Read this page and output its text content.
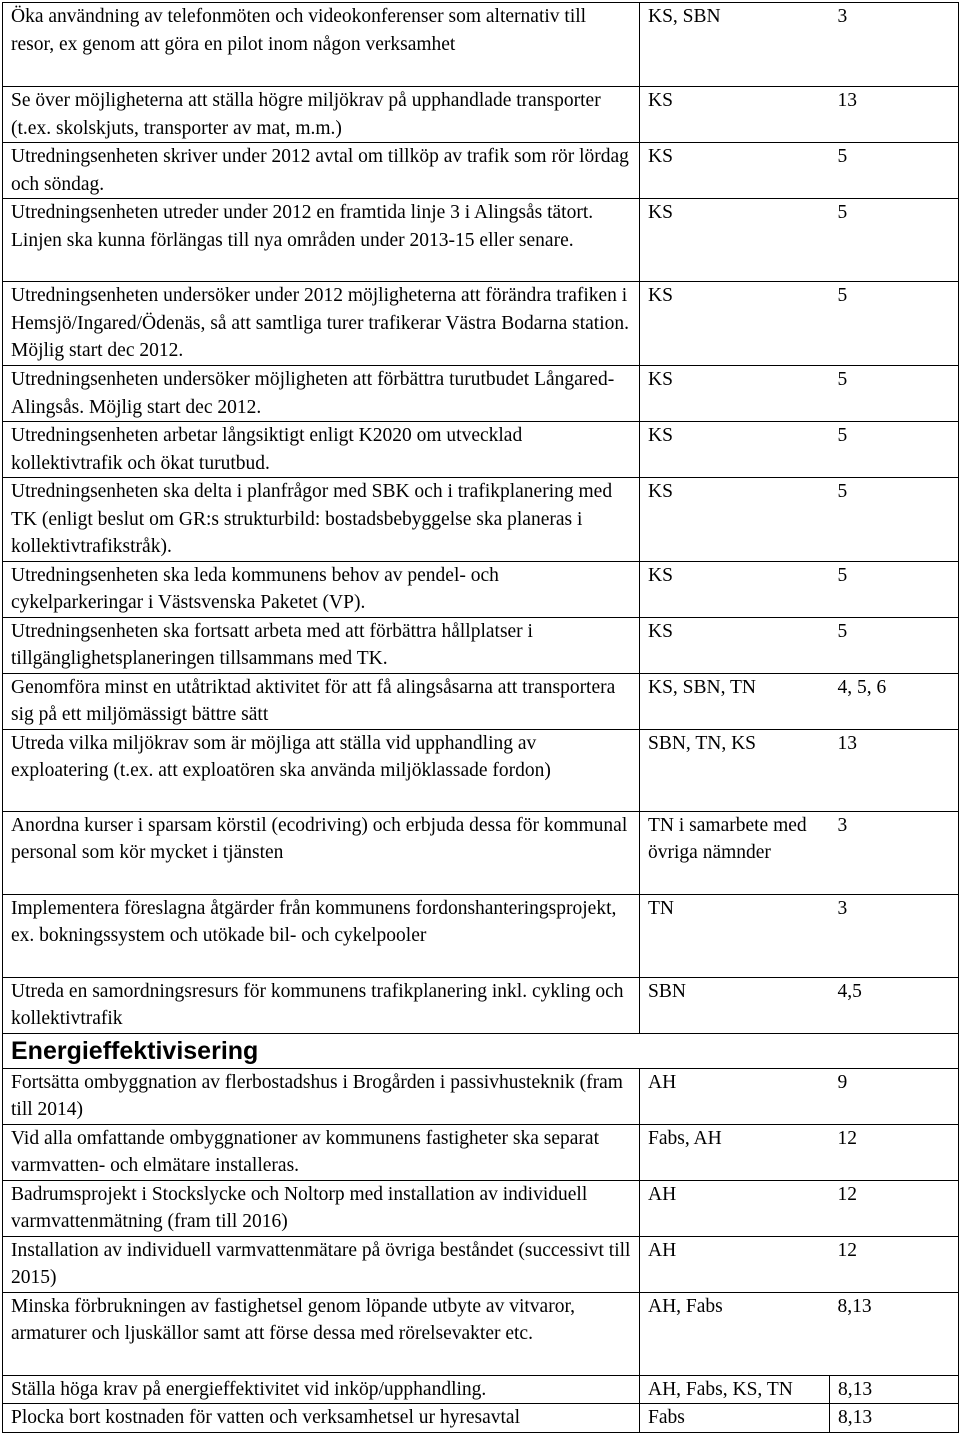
Öka användning av telefonmöten och videokonferenser som alternativ till resor, ex genom att göra en pilot inom någon verksamhet	KS, SBN	3
Se över möjligheterna att ställa högre miljökrav på upphandlade transporter (t.ex. skolskjuts, transporter av mat, m.m.)	KS	13
Utredningsenheten skriver under 2012 avtal om tillköp av trafik som rör lördag och söndag.	KS	5
Utredningsenheten utreder under 2012 en framtida linje 3 i Alingsås tätort. Linjen ska kunna förlängas till nya områden under 2013-15 eller senare.	KS	5
Utredningsenheten undersöker under 2012 möjligheterna att förändra trafiken i Hemsjö/Ingared/Ödenäs, så att samtliga turer trafikerar Västra Bodarna station. Möjlig start dec 2012.	KS	5
Utredningsenheten undersöker möjligheten att förbättra turutbudet Långared-Alingsås. Möjlig start dec 2012.	KS	5
Utredningsenheten arbetar långsiktigt enligt K2020 om utvecklad kollektivtrafik och ökat turutbud.	KS	5
Utredningsenheten ska delta i planfrågor med SBK och i trafikplanering med TK (enligt beslut om GR:s strukturbild: bostadsbebyggelse ska planeras i kollektivtrafikstråk).	KS	5
Utredningsenheten ska leda kommunens behov av pendel- och cykelparkeringar i Västsvenska Paketet (VP).	KS	5
Utredningsenheten ska fortsatt arbeta med att förbättra hållplatser i tillgänglighetsplaneringen tillsammans med TK.	KS	5
Genomföra minst en utåtriktad aktivitet för att få alingsåsarna att transportera sig på ett miljömässigt bättre sätt	KS, SBN, TN	4, 5, 6
Utreda vilka miljökrav som är möjliga att ställa vid upphandling av exploatering (t.ex. att exploatören ska använda miljöklassade fordon)	SBN, TN, KS	13
Anordna kurser i sparsam körstil (ecodriving) och erbjuda dessa för kommunal personal som kör mycket i tjänsten	TN i samarbete med övriga nämnder	3
Implementera föreslagna åtgärder från kommunens fordonshanteringsprojekt, ex. bokningssystem och utökade bil- och cykelpooler	TN	3
Utreda en samordningsresurs för kommunens trafikplanering inkl. cykling och kollektivtrafik	SBN	4,5
Energieffektivisering		
Fortsätta ombyggnation av flerbostadshus i Brogården i passivhusteknik (fram till 2014)	AH	9
Vid alla omfattande ombyggnationer av kommunens fastigheter ska separat varmvatten- och elmätare installeras.	Fabs, AH	12
Badrumsprojekt i Stockslycke och Noltorp med installation av individuell varmvattenmätning (fram till 2016)	AH	12
Installation av individuell varmvattenmätare på övriga beståndet (successivt till 2015)	AH	12
Minska förbrukningen av fastighetsel genom löpande utbyte av vitvaror, armaturer och ljuskällor samt att förse dessa med rörelsevakter etc.	AH, Fabs	8,13
Ställa höga krav på energieffektivitet vid inköp/upphandling.	AH, Fabs, KS, TN	8,13
Plocka bort kostnaden för vatten och verksamhetsel ur hyresavtal	Fabs	8,13
